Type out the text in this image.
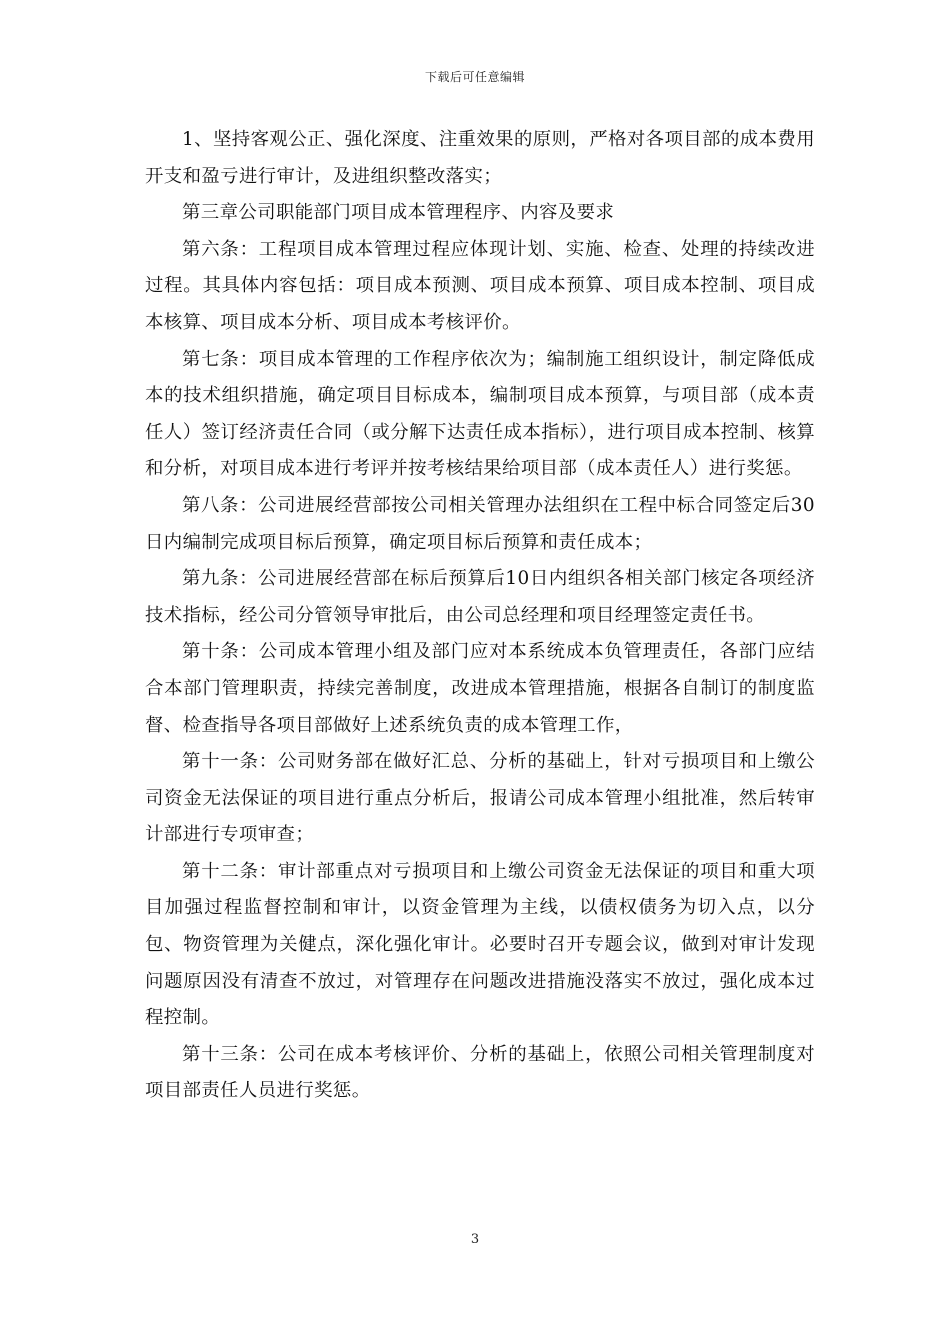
下载后可任意编辑

1、坚持客观公正、强化深度、注重效果的原则，严格对各项目部的成本费用开支和盈亏进行审计，及进组织整改落实；

第三章公司职能部门项目成本管理程序、内容及要求

第六条：工程项目成本管理过程应体现计划、实施、检查、处理的持续改进过程。其具体内容包括：项目成本预测、项目成本预算、项目成本控制、项目成本核算、项目成本分析、项目成本考核评价。

第七条：项目成本管理的工作程序依次为；编制施工组织设计，制定降低成本的技术组织措施，确定项目目标成本，编制项目成本预算，与项目部（成本责任人）签订经济责任合同（或分解下达责任成本指标），进行项目成本控制、核算和分析，对项目成本进行考评并按考核结果给项目部（成本责任人）进行奖惩。

第八条：公司进展经营部按公司相关管理办法组织在工程中标合同签定后30日内编制完成项目标后预算，确定项目标后预算和责任成本；

第九条：公司进展经营部在标后预算后10日内组织各相关部门核定各项经济技术指标，经公司分管领导审批后，由公司总经理和项目经理签定责任书。

第十条：公司成本管理小组及部门应对本系统成本负管理责任，各部门应结合本部门管理职责，持续完善制度，改进成本管理措施，根据各自制订的制度监督、检查指导各项目部做好上述系统负责的成本管理工作，

第十一条：公司财务部在做好汇总、分析的基础上，针对亏损项目和上缴公司资金无法保证的项目进行重点分析后，报请公司成本管理小组批准，然后转审计部进行专项审查；

第十二条：审计部重点对亏损项目和上缴公司资金无法保证的项目和重大项目加强过程监督控制和审计，以资金管理为主线，以债权债务为切入点，以分包、物资管理为关健点，深化强化审计。必要时召开专题会议，做到对审计发现问题原因没有清查不放过，对管理存在问题改进措施没落实不放过，强化成本过程控制。

第十三条：公司在成本考核评价、分析的基础上，依照公司相关管理制度对项目部责任人员进行奖惩。

3
